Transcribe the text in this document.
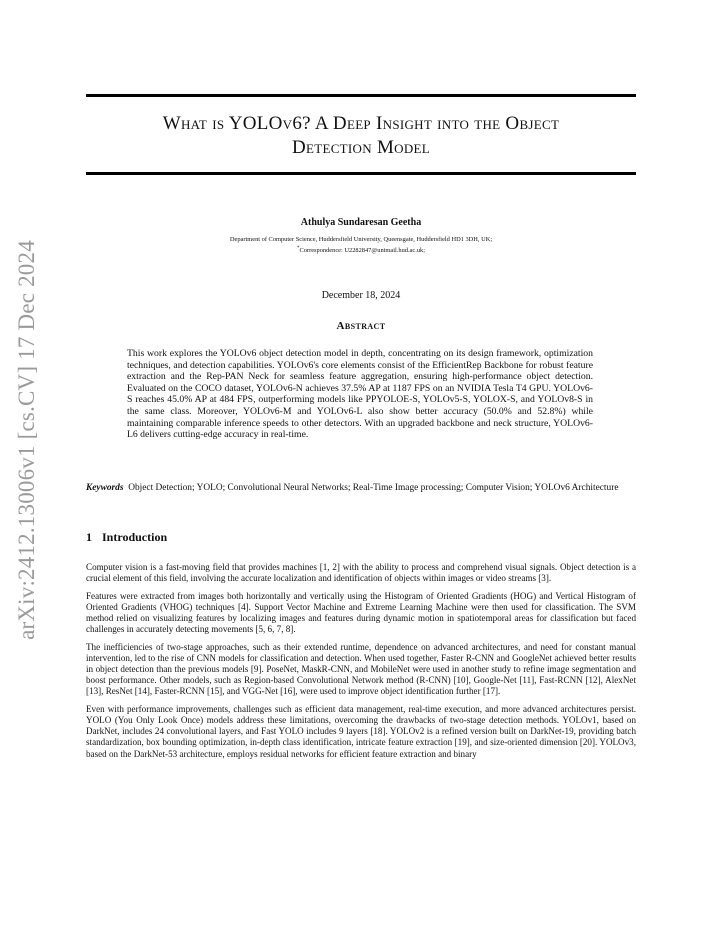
arXiv:2412.13006v1 [cs.CV] 17 Dec 2024
What is YOLOv6? A Deep Insight into the Object
Detection Model
Athulya Sundaresan Geetha
Department of Computer Science, Huddersfield University, Queensgate, Huddersfield HD1 3DH, UK;
*Correspondence: U2282847@unimail.hud.ac.uk;
December 18, 2024
Abstract

This work explores the YOLOv6 object detection model in depth, concentrating on its design framework, optimization techniques, and detection capabilities. YOLOv6's core elements consist of the EfficientRep Backbone for robust feature extraction and the Rep-PAN Neck for seamless feature aggregation, ensuring high-performance object detection. Evaluated on the COCO dataset, YOLOv6-N achieves 37.5% AP at 1187 FPS on an NVIDIA Tesla T4 GPU. YOLOv6-S reaches 45.0% AP at 484 FPS, outperforming models like PPYOLOE-S, YOLOv5-S, YOLOX-S, and YOLOv8-S in the same class. Moreover, YOLOv6-M and YOLOv6-L also show better accuracy (50.0% and 52.8%) while maintaining comparable inference speeds to other detectors. With an upgraded backbone and neck structure, YOLOv6-L6 delivers cutting-edge accuracy in real-time.

Keywords Object Detection; YOLO; Convolutional Neural Networks; Real-Time Image processing; Computer Vision; YOLOv6 Architecture

1 Introduction

Computer vision is a fast-moving field that provides machines [1, 2] with the ability to process and comprehend visual signals. Object detection is a crucial element of this field, involving the accurate localization and identification of objects within images or video streams [3].

Features were extracted from images both horizontally and vertically using the Histogram of Oriented Gradients (HOG) and Vertical Histogram of Oriented Gradients (VHOG) techniques [4]. Support Vector Machine and Extreme Learning Machine were then used for classification. The SVM method relied on visualizing features by localizing images and features during dynamic motion in spatiotemporal areas for classification but faced challenges in accurately detecting movements [5, 6, 7, 8].

The inefficiencies of two-stage approaches, such as their extended runtime, dependence on advanced architectures, and need for constant manual intervention, led to the rise of CNN models for classification and detection. When used together, Faster R-CNN and GoogleNet achieved better results in object detection than the previous models [9]. PoseNet, MaskR-CNN, and MobileNet were used in another study to refine image segmentation and boost performance. Other models, such as Region-based Convolutional Network method (R-CNN) [10], Google-Net [11], Fast-RCNN [12], AlexNet [13], ResNet [14], Faster-RCNN [15], and VGG-Net [16], were used to improve object identification further [17].

Even with performance improvements, challenges such as efficient data management, real-time execution, and more advanced architectures persist. YOLO (You Only Look Once) models address these limitations, overcoming the drawbacks of two-stage detection methods. YOLOv1, based on DarkNet, includes 24 convolutional layers, and Fast YOLO includes 9 layers [18]. YOLOv2 is a refined version built on DarkNet-19, providing batch standardization, box bounding optimization, in-depth class identification, intricate feature extraction [19], and size-oriented dimension [20]. YOLOv3, based on the DarkNet-53 architecture, employs residual networks for efficient feature extraction and binary
